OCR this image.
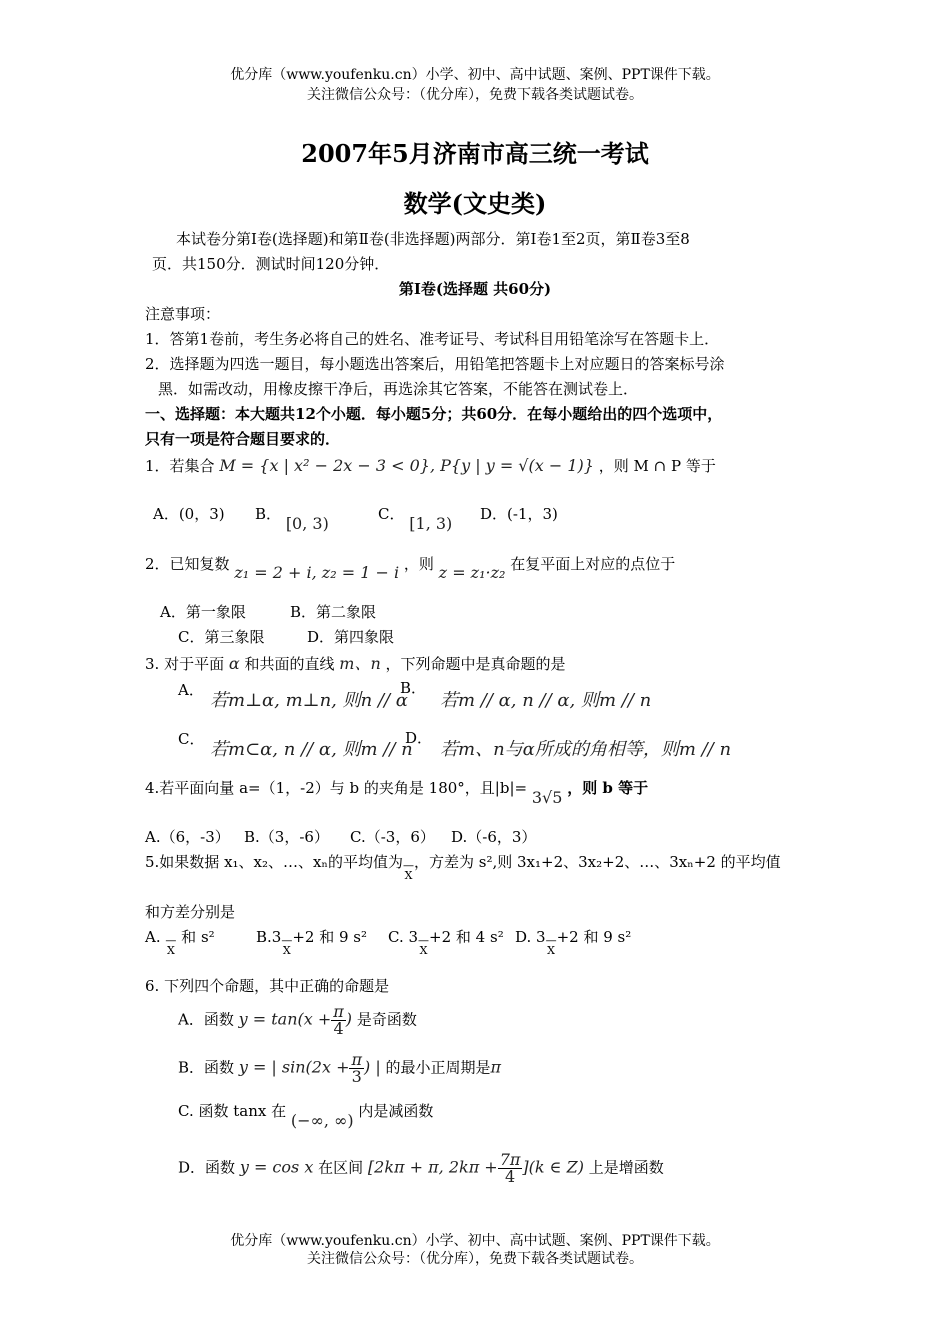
优分库（www.youfenku.cn）小学、初中、高中试题、案例、PPT课件下载。
关注微信公众号：（优分库），免费下载各类试题试卷。
2007年5月济南市高三统一考试
数学(文史类)
本试卷分第Ⅰ卷(选择题)和第Ⅱ卷(非选择题)两部分．第Ⅰ卷1至2页，第Ⅱ卷3至8
页．共150分．测试时间120分钟．
第Ⅰ卷(选择题 共60分)
注意事项：
1．答第1卷前，考生务必将自己的姓名、准考证号、考试科目用铅笔涂写在答题卡上．
2．选择题为四选一题目，每小题选出答案后，用铅笔把答题卡上对应题日的答案标号涂
黑．如需改动，用橡皮擦干净后，再选涂其它答案，不能答在测试卷上．
一、选择题：本大题共12个小题．每小题5分；共60分．在每小题给出的四个选项中，
只有一项是符合题目要求的．
1．若集合 M = {x | x² − 2x − 3 < 0}, P{y | y = √(x − 1)} ，则 M ∩ P 等于
A．(0，3) B． [0, 3)	C． [1, 3) D．(-1，3)
2．已知复数 z₁ = 2 + i, z₂ = 1 − i ，则 z = z₁·z₂ 在复平面上对应的点位于
A．第一象限	B．第二象限
C．第三象限	D．第四象限
3. 对于平面 α 和共面的直线 m、n ，下列命题中是真命题的是
A． 若m⊥α, m⊥n, 则n // α
B．
若m // α, n // α, 则m // n
C． 若m⊂α, n // α, 则m // n
D．
若m、n与α所成的角相等，则m // n
4.若平面向量 a=（1，-2）与 b 的夹角是 180°，且|b|= 3√5 ，则 b 等于
A.（6，-3） B.（3，-6） C.（-3，6） D.（-6，3）
5.如果数据 x₁、x₂、…、xₙ的平均值为—
X，方差为 s²,则 3x₁+2、3x₂+2、…、3xₙ+2 的平均值
和方差分别是
A. —
X 和 s²	B.3—
X+2 和 9 s² C. 3—
X+2 和 4 s² D. 3—
X+2 和 9 s²
6. 下列四个命题，其中正确的命题是
A．函数 $y = \tan(x + \frac{\pi}{4}$ ) 是奇函数
B．函数 y = | $\sin(2x + \frac{\pi}{3}$ ) | 的最小正周期是π
C. 函数 tanx 在 (−∞, ∞) 内是减函数
D．函数 y = cos x 在区间 [2kπ + π, $2k\pi + \frac{7\pi}{4} ](k$ ∈ Z) 上是增函数
优分库（www.youfenku.cn）小学、初中、高中试题、案例、PPT课件下载。
关注微信公众号：（优分库），免费下载各类试题试卷。
